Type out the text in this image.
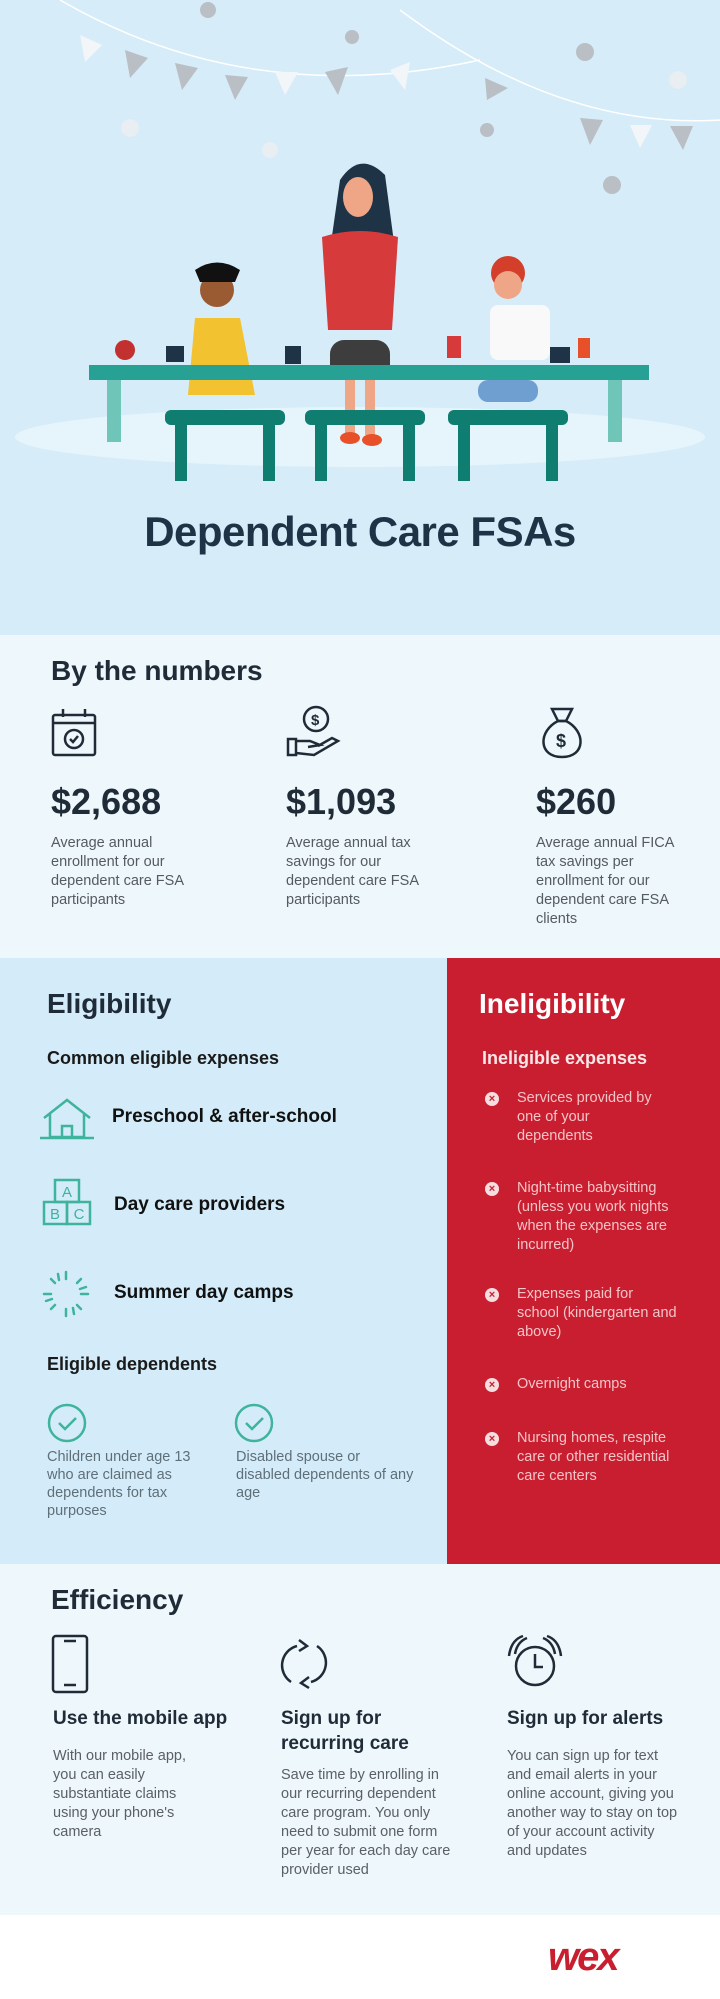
Dependent Care FSAs
By the numbers
$
$
$2,688	$1,093	$260
Average annual enrollment for our dependent care FSA participants
Average annual tax savings for our dependent care FSA participants
Average annual FICA tax savings per enrollment for our dependent care FSA clients
Eligibility
Common eligible expenses
A
B C
Preschool & after-school
Day care providers
Summer day camps
Eligible dependents
Children under age 13 who are claimed as dependents for tax purposes
Disabled spouse or disabled dependents of any age
Ineligibility
Ineligible expenses
× Services provided by one of your dependents
× Night-time babysitting (unless you work nights when the expenses are incurred)
× Expenses paid for school (kindergarten and above)
× Overnight camps
× Nursing homes, respite care or other residential care centers
Efficiency
Use the mobile app	Sign up for recurring care
Sign up for alerts
With our mobile app, you can easily substantiate claims using your phone's camera
Save time by enrolling in our recurring dependent care program. You only need to submit one form per year for each day care provider used
You can sign up for text and email alerts in your online account, giving you another way to stay on top of your account activity and updates
wex
